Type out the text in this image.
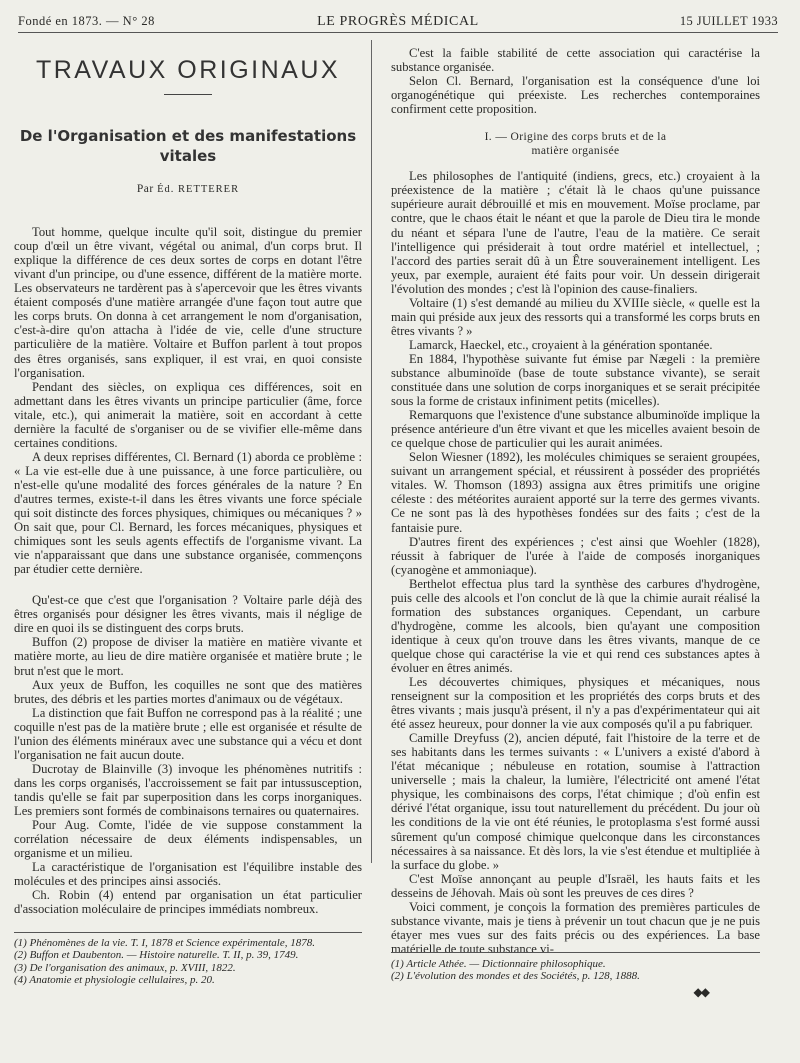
Fondé en 1873. — N° 28	LE PROGRÈS MÉDICAL	15 JUILLET 1933
TRAVAUX ORIGINAUX
De l'Organisation et des manifestations
vitales
Par Éd. RETTERER

Tout homme, quelque inculte qu'il soit, distingue du premier coup d'œil un être vivant, végétal ou animal, d'un corps brut. Il explique la différence de ces deux sortes de corps en dotant l'être vivant d'un principe, ou d'une essence, différent de la matière morte. Les observateurs ne tardèrent pas à s'apercevoir que les êtres vivants étaient composés d'une matière arrangée d'une façon tout autre que les corps bruts. On donna à cet arrangement le nom d'organisation, c'est-à-dire qu'on attacha à l'idée de vie, celle d'une structure particulière de la matière. Voltaire et Buffon parlent à tout propos des êtres organisés, sans expliquer, il est vrai, en quoi consiste l'organisation.

Pendant des siècles, on expliqua ces différences, soit en admettant dans les êtres vivants un principe particulier (âme, force vitale, etc.), qui animerait la matière, soit en accordant à cette dernière la faculté de s'organiser ou de se vivifier elle-même dans certaines conditions.

A deux reprises différentes, Cl. Bernard (1) aborda ce problème : « La vie est-elle due à une puissance, à une force particulière, ou n'est-elle qu'une modalité des forces générales de la nature ? En d'autres termes, existe-t-il dans les êtres vivants une force spéciale qui soit distincte des forces physiques, chimiques ou mécaniques ? » On sait que, pour Cl. Bernard, les forces mécaniques, physiques et chimiques sont les seuls agents effectifs de l'organisme vivant. La vie n'apparaissant que dans une substance organisée, commençons par étudier cette dernière.

Qu'est-ce que c'est que l'organisation ? Voltaire parle déjà des êtres organisés pour désigner les êtres vivants, mais il néglige de dire en quoi ils se distinguent des corps bruts.

Buffon (2) propose de diviser la matière en matière vivante et matière morte, au lieu de dire matière organisée et matière brute ; le brut n'est que le mort.

Aux yeux de Buffon, les coquilles ne sont que des matières brutes, des débris et les parties mortes d'animaux ou de végétaux.

La distinction que fait Buffon ne correspond pas à la réalité ; une coquille n'est pas de la matière brute ; elle est organisée et résulte de l'union des éléments minéraux avec une substance qui a vécu et dont l'organisation ne fait aucun doute.

Ducrotay de Blainville (3) invoque les phénomènes nutritifs : dans les corps organisés, l'accroissement se fait par intussusception, tandis qu'elle se fait par superposition dans les corps inorganiques. Les premiers sont formés de combinaisons ternaires ou quaternaires.

Pour Aug. Comte, l'idée de vie suppose constamment la corrélation nécessaire de deux éléments indispensables, un organisme et un milieu.

La caractéristique de l'organisation est l'équilibre instable des molécules et des principes ainsi associés.

Ch. Robin (4) entend par organisation un état particulier d'association moléculaire de principes immédiats nombreux.

(1) Phénomènes de la vie. T. I, 1878 et Science expérimentale, 1878.
(2) Buffon et Daubenton. — Histoire naturelle. T. II, p. 39, 1749.
(3) De l'organisation des animaux, p. XVIII, 1822.
(4) Anatomie et physiologie cellulaires, p. 20.

C'est la faible stabilité de cette association qui caractérise la substance organisée.

Selon Cl. Bernard, l'organisation est la conséquence d'une loi organogénétique qui préexiste. Les recherches contemporaines confirment cette proposition.

I. — Origine des corps bruts et de la
matière organisée

Les philosophes de l'antiquité (indiens, grecs, etc.) croyaient à la préexistence de la matière ; c'était là le chaos qu'une puissance supérieure aurait débrouillé et mis en mouvement. Moïse proclame, par contre, que le chaos était le néant et que la parole de Dieu tira le monde du néant et sépara l'une de l'autre, l'eau de la matière. Ce serait l'intelligence qui présiderait à tout ordre matériel et intellectuel, ; l'accord des parties serait dû à un Être souverainement intelligent. Les yeux, par exemple, auraient été faits pour voir. Un dessein dirigerait l'évolution des mondes ; c'est là l'opinion des cause-finaliers.

Voltaire (1) s'est demandé au milieu du XVIIIe siècle, « quelle est la main qui préside aux jeux des ressorts qui a transformé les corps bruts en êtres vivants ? »

Lamarck, Haeckel, etc., croyaient à la génération spontanée.

En 1884, l'hypothèse suivante fut émise par Nægeli : la première substance albuminoïde (base de toute substance vivante), se serait constituée dans une solution de corps inorganiques et se serait précipitée sous la forme de cristaux infiniment petits (micelles).

Remarquons que l'existence d'une substance albuminoïde implique la présence antérieure d'un être vivant et que les micelles avaient besoin de ce quelque chose de particulier qui les aurait animées.

Selon Wiesner (1892), les molécules chimiques se seraient groupées, suivant un arrangement spécial, et réussirent à posséder des propriétés vitales. W. Thomson (1893) assigna aux êtres primitifs une origine céleste : des météorites auraient apporté sur la terre des germes vivants. Ce ne sont pas là des hypothèses fondées sur des faits ; c'est de la fantaisie pure.

D'autres firent des expériences ; c'est ainsi que Woehler (1828), réussit à fabriquer de l'urée à l'aide de composés inorganiques (cyanogène et ammoniaque).

Berthelot effectua plus tard la synthèse des carbures d'hydrogène, puis celle des alcools et l'on conclut de là que la chimie aurait réalisé la formation des substances organiques. Cependant, un carbure d'hydrogène, comme les alcools, bien qu'ayant une composition identique à ceux qu'on trouve dans les êtres vivants, manque de ce quelque chose qui caractérise la vie et qui rend ces substances aptes à évoluer en êtres animés.

Les découvertes chimiques, physiques et mécaniques, nous renseignent sur la composition et les propriétés des corps bruts et des êtres vivants ; mais jusqu'à présent, il n'y a pas d'expérimentateur qui ait été assez heureux, pour donner la vie aux composés qu'il a pu fabriquer.

Camille Dreyfuss (2), ancien député, fait l'histoire de la terre et de ses habitants dans les termes suivants : « L'univers a existé d'abord à l'état mécanique ; nébuleuse en rotation, soumise à l'attraction universelle ; mais la chaleur, la lumière, l'électricité ont amené l'état physique, les combinaisons des corps, l'état chimique ; d'où enfin est dérivé l'état organique, issu tout naturellement du précédent. Du jour où les conditions de la vie ont été réunies, le protoplasma s'est formé aussi sûrement qu'un composé chimique quelconque dans les circonstances nécessaires à sa naissance. Et dès lors, la vie s'est étendue et multipliée à la surface du globe. »

C'est Moïse annonçant au peuple d'Israël, les hauts faits et les desseins de Jéhovah. Mais où sont les preuves de ces dires ?

Voici comment, je conçois la formation des premières particules de substance vivante, mais je tiens à prévenir un tout chacun que je ne puis étayer mes vues sur des faits précis ou des expériences. La base matérielle de toute substance vi-

(1) Article Athée. — Dictionnaire philosophique.
(2) L'évolution des mondes et des Sociétés, p. 128, 1888.
◆◆
